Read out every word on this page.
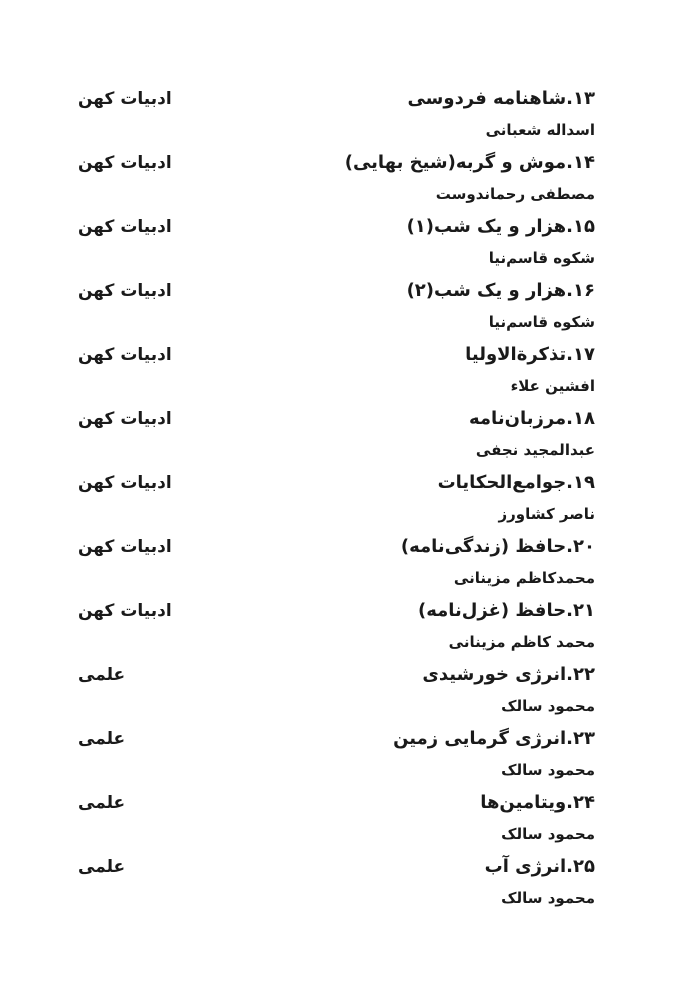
۱۳.شاهنامه فردوسی
ادبیات کهن
اسداله شعبانی
۱۴.موش و گربه(شیخ بهایی)
ادبیات کهن
مصطفی رحماندوست
۱۵.هزار و یک شب(۱)
ادبیات کهن
شکوه قاسم‌نیا
۱۶.هزار و یک شب(۲)
ادبیات کهن
شکوه قاسم‌نیا
۱۷.تذکرةالاولیا
ادبیات کهن
افشین علاء
۱۸.مرزبان‌نامه
ادبیات کهن
عبدالمجید نجفی
۱۹.جوامع‌الحکایات
ادبیات کهن
ناصر کشاورز
۲۰.حافظ (زندگی‌نامه)
ادبیات کهن
محمدکاظم مزینانی
۲۱.حافظ (غزل‌نامه)
ادبیات کهن
محمد کاظم مزینانی
۲۲.انرژی خورشیدی
علمی
محمود سالک
۲۳.انرژی گرمایی زمین
علمی
محمود سالک
۲۴.ویتامین‌ها
علمی
محمود سالک
۲۵.انرژی آب
علمی
محمود سالک
